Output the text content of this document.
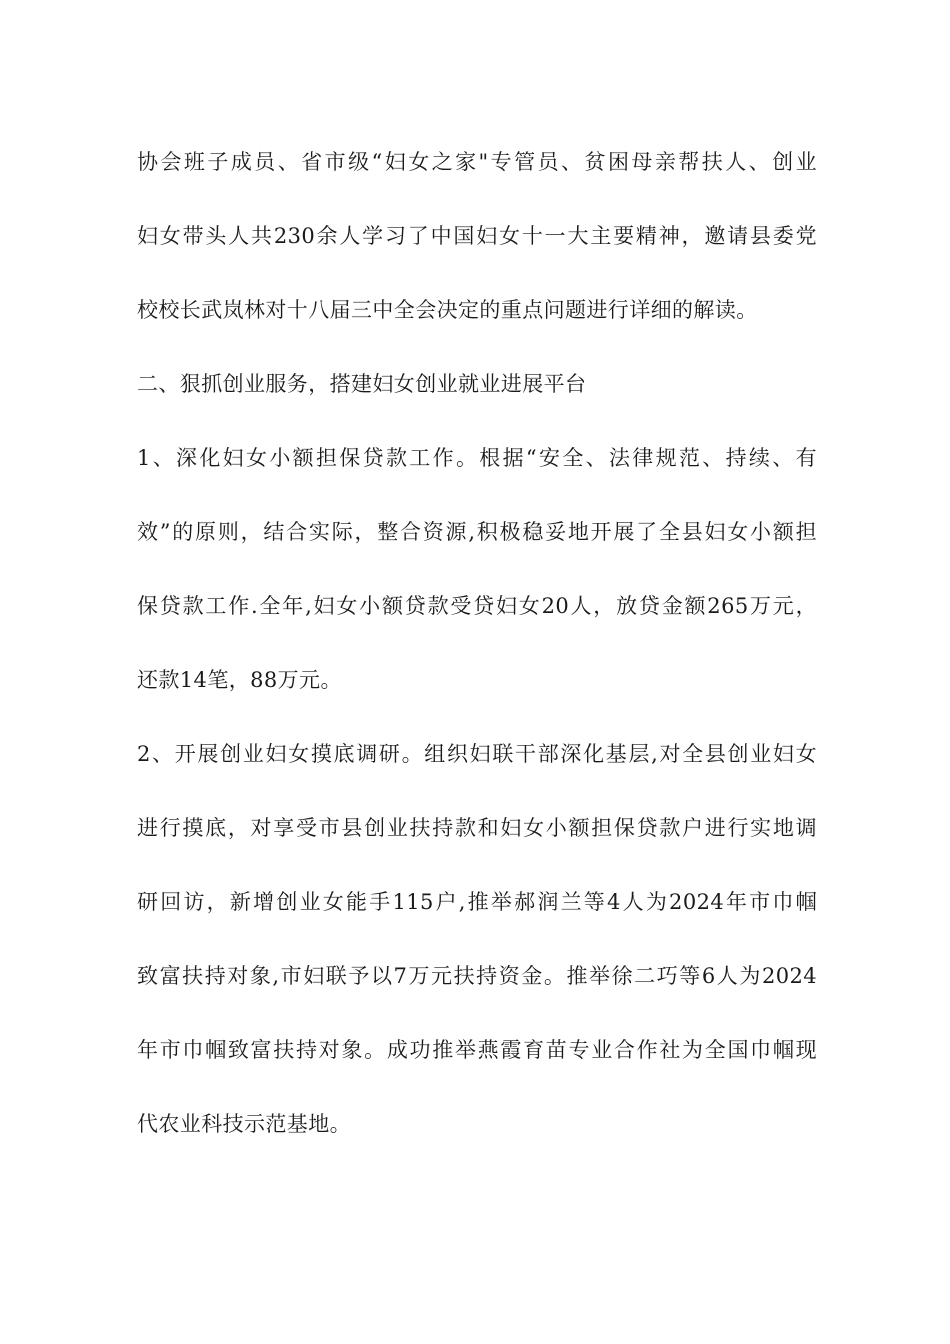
协会班子成员、省市级“妇女之家"专管员、贫困母亲帮扶人、创业
妇女带头人共230余人学习了中国妇女十一大主要精神，邀请县委党
校校长武岚林对十八届三中全会决定的重点问题进行详细的解读。
二、狠抓创业服务，搭建妇女创业就业进展平台
1、深化妇女小额担保贷款工作。根据“安全、法律规范、持续、有
效”的原则，结合实际，整合资源,积极稳妥地开展了全县妇女小额担
保贷款工作.全年,妇女小额贷款受贷妇女20人，放贷金额265万元，
还款14笔，88万元。
2、开展创业妇女摸底调研。组织妇联干部深化基层,对全县创业妇女
进行摸底，对享受市县创业扶持款和妇女小额担保贷款户进行实地调
研回访，新增创业女能手115户,推举郝润兰等4人为2024年市巾帼
致富扶持对象,市妇联予以7万元扶持资金。推举徐二巧等6人为2024
年市巾帼致富扶持对象。成功推举燕霞育苗专业合作社为全国巾帼现
代农业科技示范基地。
